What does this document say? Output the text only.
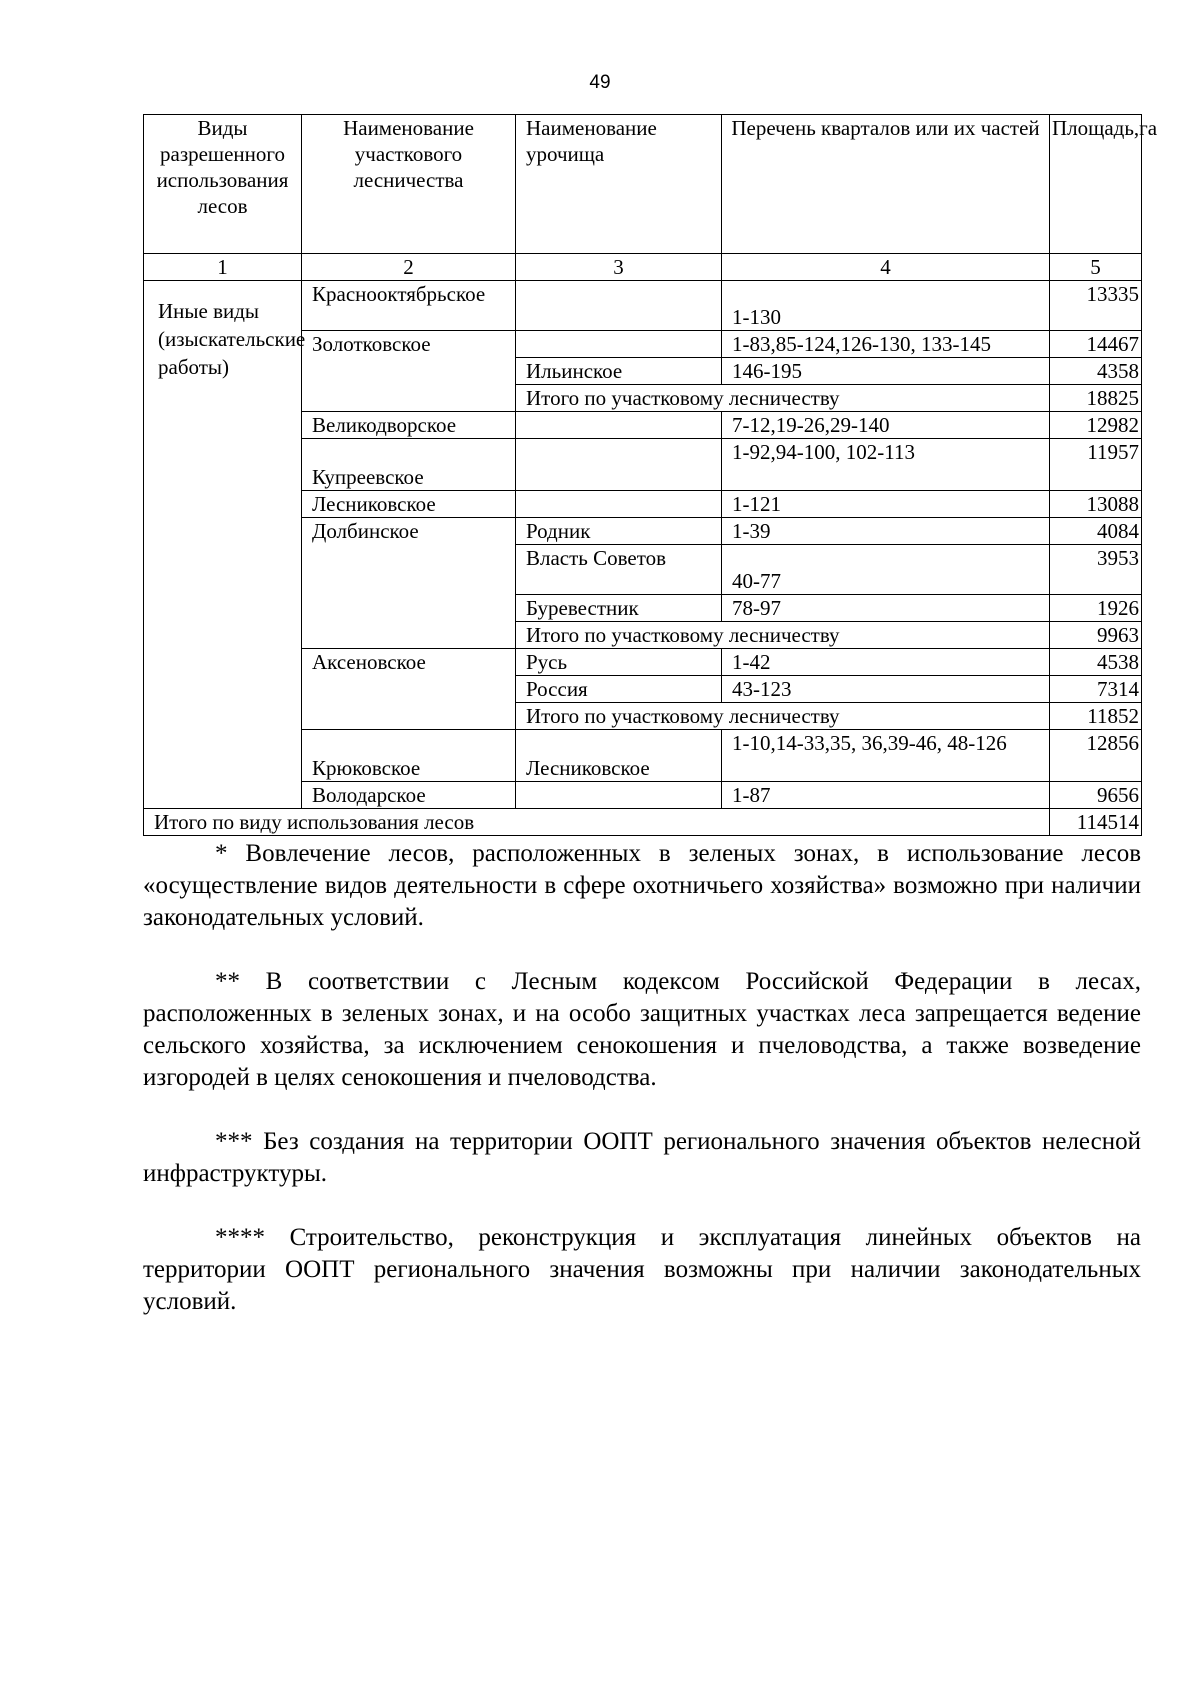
49
Виды разрешенного использования лесов	Наименование участкового лесничества	Наименование урочища	Перечень кварталов или их частей	Площадь,га
1	2	3	4	5
Иные виды (изыскательские работы)	Краснооктябрьское		1-130	13335
	Золотковское		1-83,85-124,126-130, 133-145	14467
		Ильинское	146-195	4358
		Итого по участковому лесничеству		18825
	Великодворское		7-12,19-26,29-140	12982
	Купреевское		1-92,94-100, 102-113	11957
	Лесниковское		1-121	13088
	Долбинское	Родник	1-39	4084
		Власть Советов	40-77	3953
		Буревестник	78-97	1926
		Итого по участковому лесничеству		9963
	Аксеновское	Русь	1-42	4538
		Россия	43-123	7314
		Итого по участковому лесничеству		11852
	Крюковское	Лесниковское	1-10,14-33,35, 36,39-46, 48-126	12856
	Володарское		1-87	9656
Итого по виду использования лесов				114514

* Вовлечение лесов, расположенных в зеленых зонах, в использование лесов «осуществление видов деятельности в сфере охотничьего хозяйства» возможно при наличии законодательных условий.

** В соответствии с Лесным кодексом Российской Федерации в лесах, расположенных в зеленых зонах, и на особо защитных участках леса запрещается ведение сельского хозяйства, за исключением сенокошения и пчеловодства, а также возведение изгородей в целях сенокошения и пчеловодства.

*** Без создания на территории ООПТ регионального значения объектов нелесной инфраструктуры.

**** Строительство, реконструкция и эксплуатация линейных объектов на территории ООПТ регионального значения возможны при наличии законодательных условий.
